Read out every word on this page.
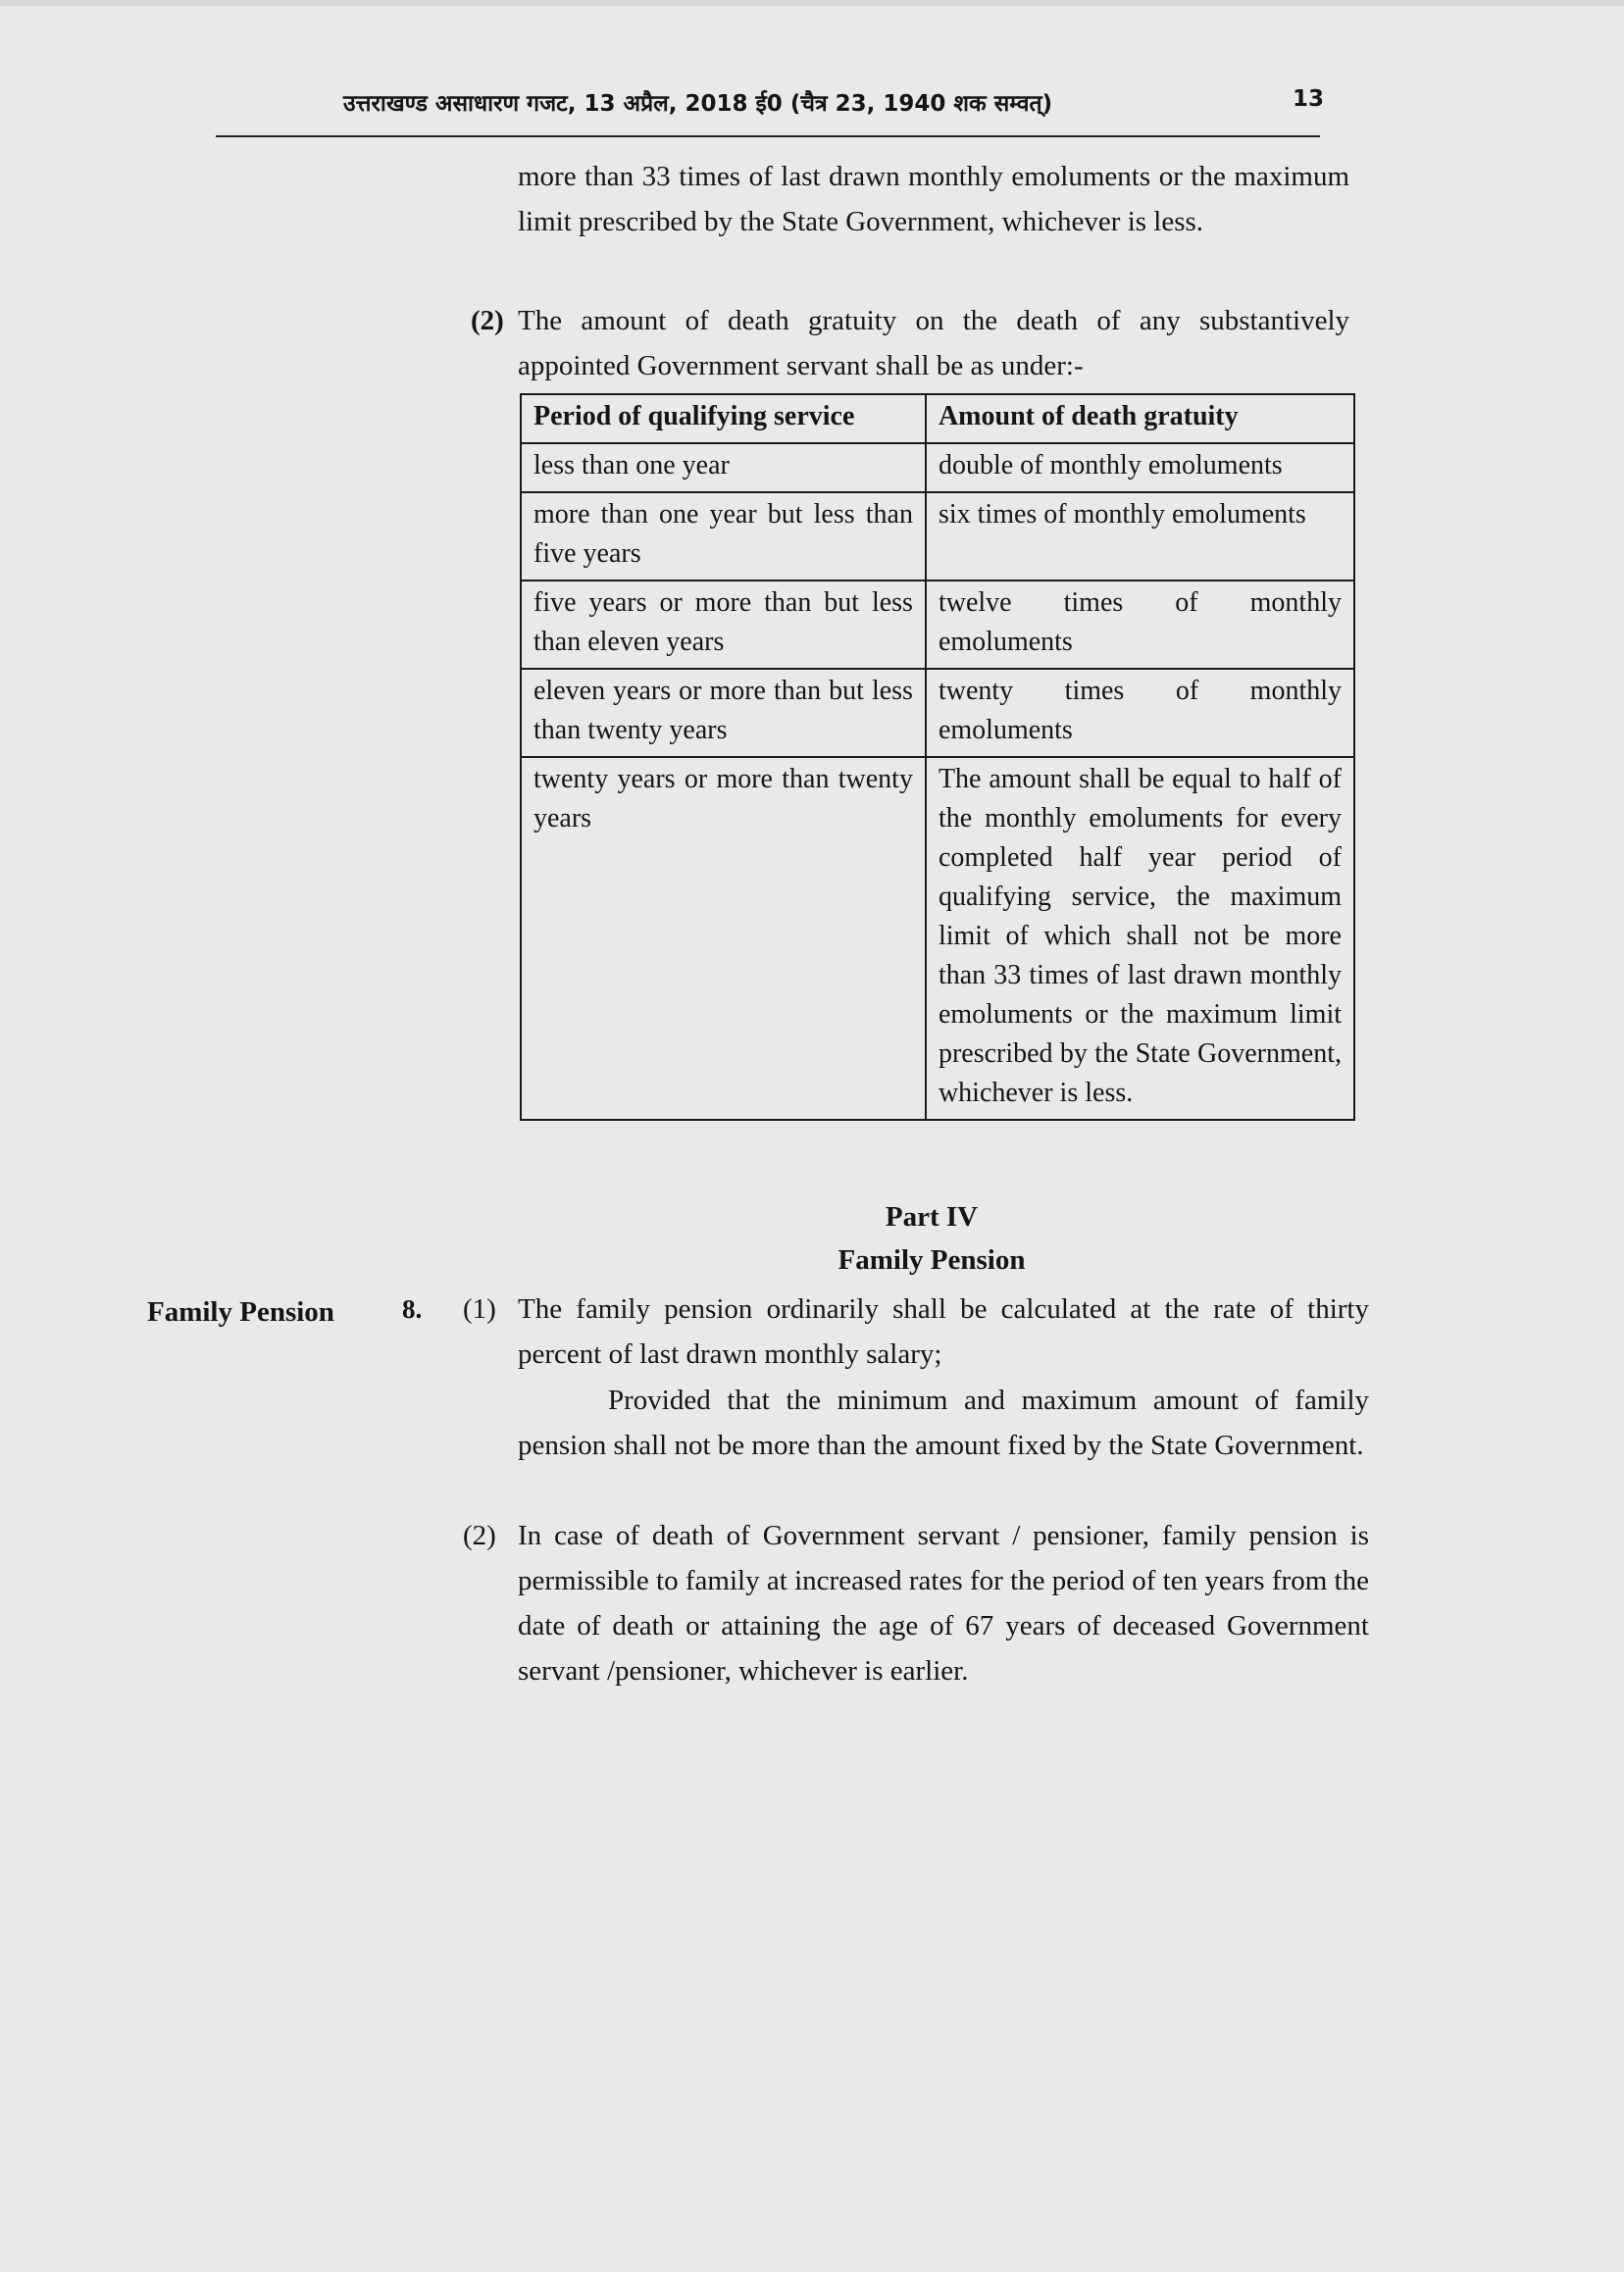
उत्तराखण्ड असाधारण गजट, 13 अप्रैल, 2018 ई0 (चैत्र 23, 1940 शक सम्वत्)	13

more than 33 times of last drawn monthly emoluments or the maximum limit prescribed by the State Government, whichever is less.

(2) The amount of death gratuity on the death of any substantively appointed Government servant shall be as under:-

Period of qualifying service	Amount of death gratuity
less than one year	double of monthly emoluments
more than one year but less than five years	six times of monthly emoluments
five years or more than but less than eleven years	twelve times of monthly emoluments
eleven years or more than but less than twenty years	twenty times of monthly emoluments
twenty years or more than twenty years	The amount shall be equal to half of the monthly emoluments for every completed half year period of qualifying service, the maximum limit of which shall not be more than 33 times of last drawn monthly emoluments or the maximum limit prescribed by the State Government, whichever is less.
Part IV
Family Pension
Family Pension	8. (1) The family pension ordinarily shall be calculated at the rate of thirty percent of last drawn monthly salary;

Provided that the minimum and maximum amount of family pension shall not be more than the amount fixed by the State Government.

(2) In case of death of Government servant / pensioner, family pension is permissible to family at increased rates for the period of ten years from the date of death or attaining the age of 67 years of deceased Government servant /pensioner, whichever is earlier.
